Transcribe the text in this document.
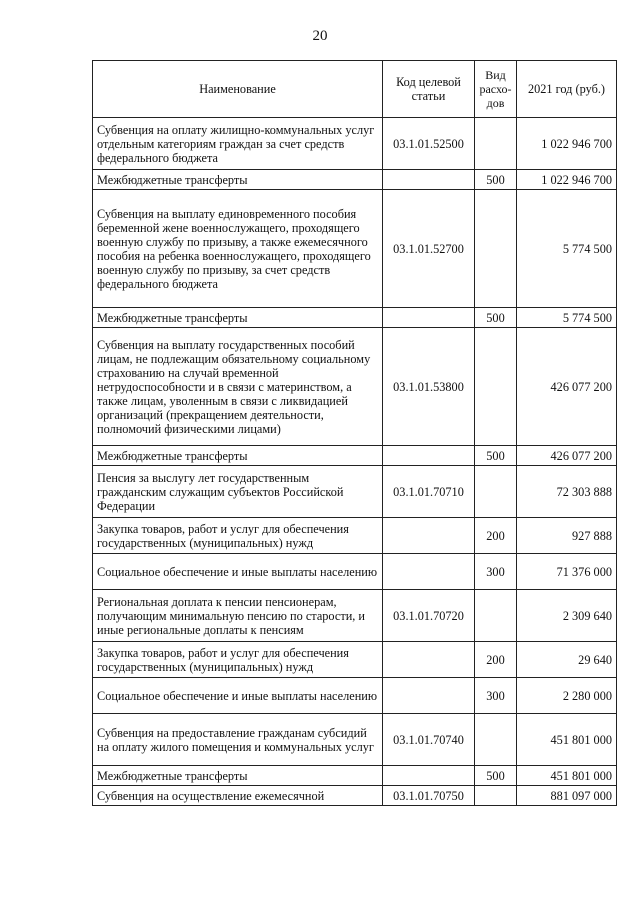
20
Наименование	Код целевой статьи	Вид расхо-дов	2021 год (руб.)
Субвенция на оплату жилищно-коммунальных услуг отдельным категориям граждан за счет средств федерального бюджета	03.1.01.52500		1 022 946 700
Межбюджетные трансферты		500	1 022 946 700
Субвенция на выплату единовременного пособия беременной жене военнослужащего, проходящего военную службу по призыву, а также ежемесячного пособия на ребенка военнослужащего, проходящего военную службу по призыву, за счет средств федерального бюджета	03.1.01.52700		5 774 500
Межбюджетные трансферты		500	5 774 500
Субвенция на выплату государственных пособий лицам, не подлежащим обязательному социальному страхованию на случай временной нетрудоспособности и в связи с материнством, а также лицам, уволенным в связи с ликвидацией организаций (прекращением деятельности, полномочий физическими лицами)	03.1.01.53800		426 077 200
Межбюджетные трансферты		500	426 077 200
Пенсия за выслугу лет государственным гражданским служащим субъектов Российской Федерации	03.1.01.70710		72 303 888
Закупка товаров, работ и услуг для обеспечения государственных (муниципальных) нужд		200	927 888
Социальное обеспечение и иные выплаты населению		300	71 376 000
Региональная доплата к пенсии пенсионерам, получающим минимальную пенсию по старости, и иные региональные доплаты к пенсиям	03.1.01.70720		2 309 640
Закупка товаров, работ и услуг для обеспечения государственных (муниципальных) нужд		200	29 640
Социальное обеспечение и иные выплаты населению		300	2 280 000
Субвенция на предоставление гражданам субсидий на оплату жилого помещения и коммунальных услуг	03.1.01.70740		451 801 000
Межбюджетные трансферты		500	451 801 000
Субвенция на осуществление ежемесячной	03.1.01.70750		881 097 000
